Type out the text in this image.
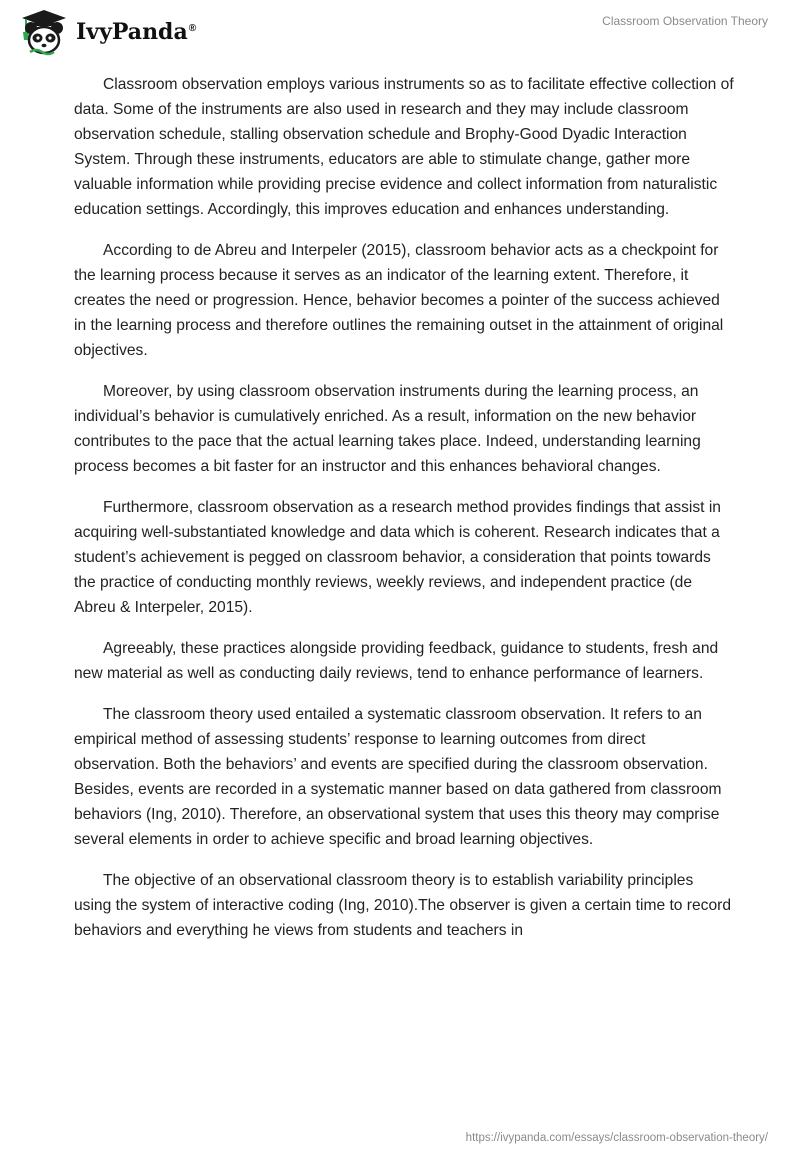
IvyPanda®
Classroom Observation Theory

Classroom observation employs various instruments so as to facilitate effective collection of data. Some of the instruments are also used in research and they may include classroom observation schedule, stalling observation schedule and Brophy-Good Dyadic Interaction System. Through these instruments, educators are able to stimulate change, gather more valuable information while providing precise evidence and collect information from naturalistic education settings. Accordingly, this improves education and enhances understanding.

According to de Abreu and Interpeler (2015), classroom behavior acts as a checkpoint for the learning process because it serves as an indicator of the learning extent. Therefore, it creates the need or progression. Hence, behavior becomes a pointer of the success achieved in the learning process and therefore outlines the remaining outset in the attainment of original objectives.

Moreover, by using classroom observation instruments during the learning process, an individual’s behavior is cumulatively enriched. As a result, information on the new behavior contributes to the pace that the actual learning takes place. Indeed, understanding learning process becomes a bit faster for an instructor and this enhances behavioral changes.

Furthermore, classroom observation as a research method provides findings that assist in acquiring well-substantiated knowledge and data which is coherent. Research indicates that a student’s achievement is pegged on classroom behavior, a consideration that points towards the practice of conducting monthly reviews, weekly reviews, and independent practice (de Abreu & Interpeler, 2015).

Agreeably, these practices alongside providing feedback, guidance to students, fresh and new material as well as conducting daily reviews, tend to enhance performance of learners.

The classroom theory used entailed a systematic classroom observation. It refers to an empirical method of assessing students’ response to learning outcomes from direct observation. Both the behaviors’ and events are specified during the classroom observation. Besides, events are recorded in a systematic manner based on data gathered from classroom behaviors (Ing, 2010). Therefore, an observational system that uses this theory may comprise several elements in order to achieve specific and broad learning objectives.

The objective of an observational classroom theory is to establish variability principles using the system of interactive coding (Ing, 2010).The observer is given a certain time to record behaviors and everything he views from students and teachers in

https://ivypanda.com/essays/classroom-observation-theory/
